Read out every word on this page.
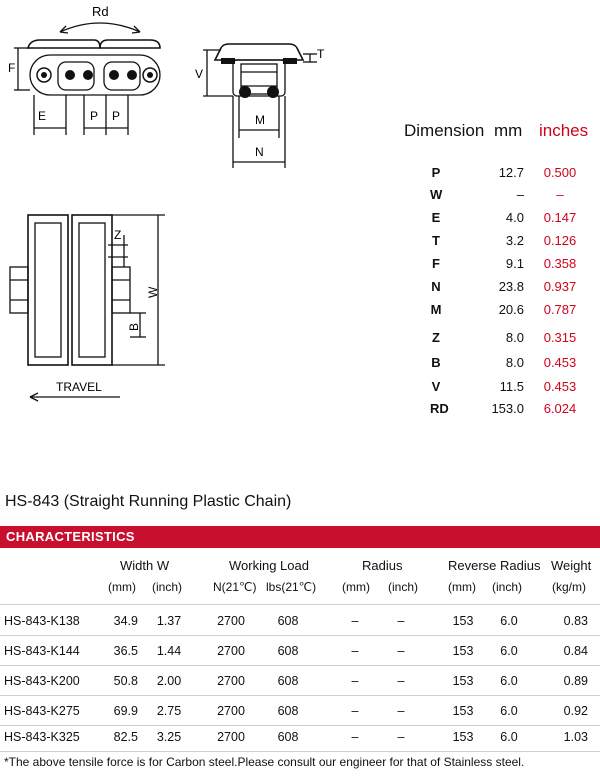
Rd
F
E	P P
V
T
M
N
Z
W
B
TRAVEL
Dimension mm inches
P	12.7 0.500
W	–	–
E	4.0 0.147
T	3.2 0.126
F	9.1 0.358
N	23.8 0.937
M	20.6 0.787
Z	8.0 0.315
B	8.0 0.453
V	11.5 0.453
RD	153.0 6.024
HS-843 (Straight Running Plastic Chain)
CHARACTERISTICS
Width W	Working Load	Radius	Reverse Radius Weight
(mm) (inch)	N(21℃) lbs(21℃) (mm) (inch) (mm) (inch) (kg/m)
HS-843-K138	34.9 1.37	2700	608	–	–	153	6.0	0.83
HS-843-K144	36.5 1.44	2700	608	–	–	153	6.0	0.84
HS-843-K200	50.8 2.00	2700	608	–	–	153	6.0	0.89
HS-843-K275	69.9 2.75	2700	608	–	–	153	6.0	0.92
HS-843-K325	82.5 3.25	2700	608	–	–	153	6.0	1.03
*The above tensile force is for Carbon steel.Please consult our engineer for that of Stainless steel.
